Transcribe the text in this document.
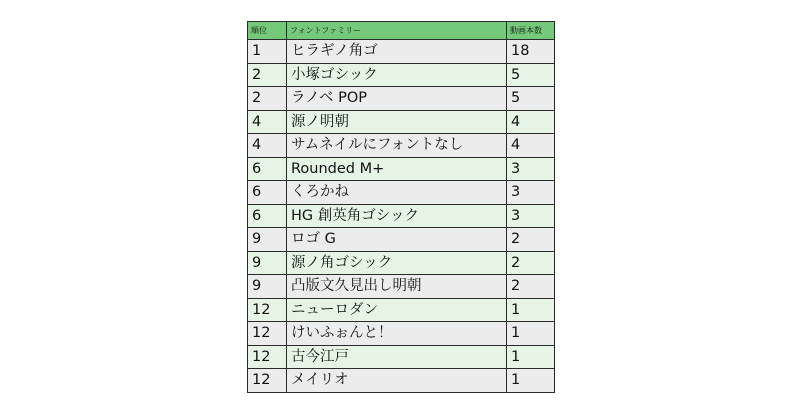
順位	フォントファミリー	動画本数
1	ヒラギノ角ゴ	18
2	小塚ゴシック	5
2	ラノベ POP	5
4	源ノ明朝	4
4	サムネイルにフォントなし	4
6	Rounded M+	3
6	くろかね	3
6	HG 創英角ゴシック	3
9	ロゴ G	2
9	源ノ角ゴシック	2
9	凸版文久見出し明朝	2
12	ニューロダン	1
12	けいふぉんと！	1
12	古今江戸	1
12	メイリオ	1
